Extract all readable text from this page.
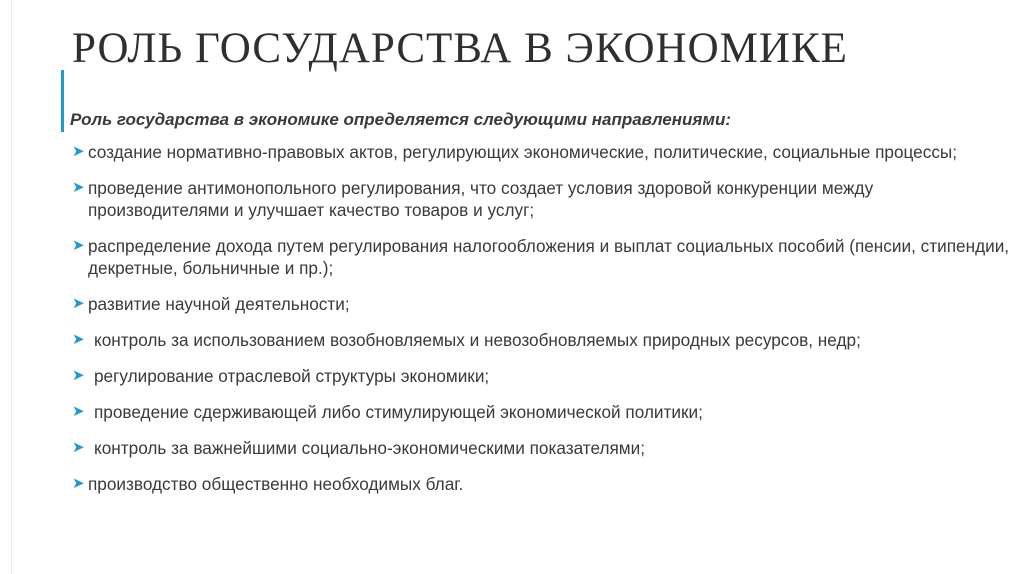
РОЛЬ ГОСУДАРСТВА В ЭКОНОМИКЕ

Роль государства в экономике определяется следующими направлениями:

➤ создание нормативно-правовых актов, регулирующих экономические, политические, социальные процессы;
➤ проведение антимонопольного регулирования, что создает условия здоровой конкуренции между производителями и улучшает качество товаров и услуг;
➤ распределение дохода путем регулирования налогообложения и выплат социальных пособий (пенсии, стипендии, декретные, больничные и пр.);
➤ развитие научной деятельности;
➤ контроль за использованием возобновляемых и невозобновляемых природных ресурсов, недр;
➤ регулирование отраслевой структуры экономики;
➤ проведение сдерживающей либо стимулирующей экономической политики;
➤ контроль за важнейшими социально-экономическими показателями;
➤ производство общественно необходимых благ.
